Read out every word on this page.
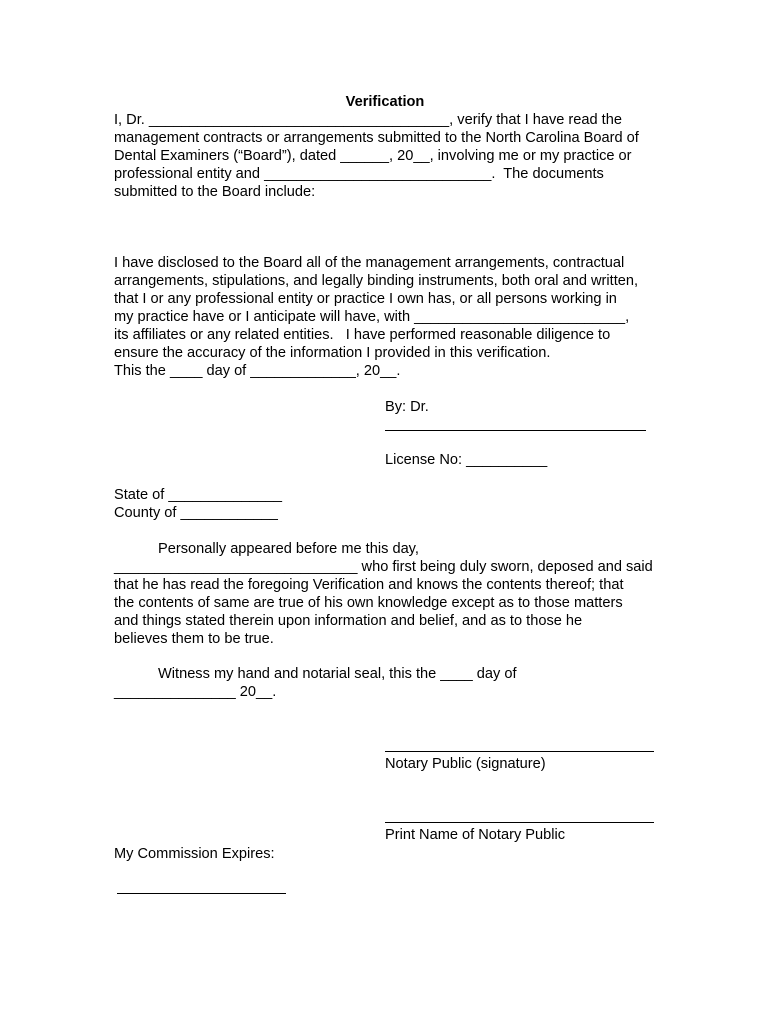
Verification
I, Dr. _____________________________________, verify that I have read the
management contracts or arrangements submitted to the North Carolina Board of
Dental Examiners (“Board”), dated ______, 20__, involving me or my practice or
professional entity and ____________________________.  The documents
submitted to the Board include:
I have disclosed to the Board all of the management arrangements, contractual
arrangements, stipulations, and legally binding instruments, both oral and written,
that I or any professional entity or practice I own has, or all persons working in
my practice have or I anticipate will have, with __________________________,
its affiliates or any related entities.   I have performed reasonable diligence to
ensure the accuracy of the information I provided in this verification.
This the ____ day of _____________, 20__.
By: Dr.
License No: __________
State of ______________
County of ____________
Personally appeared before me this day,
______________________________ who first being duly sworn, deposed and said
that he has read the foregoing Verification and knows the contents thereof; that
the contents of same are true of his own knowledge except as to those matters
and things stated therein upon information and belief, and as to those he
believes them to be true.
Witness my hand and notarial seal, this the ____ day of
_______________ 20__.
Notary Public (signature)
Print Name of Notary Public
My Commission Expires:
